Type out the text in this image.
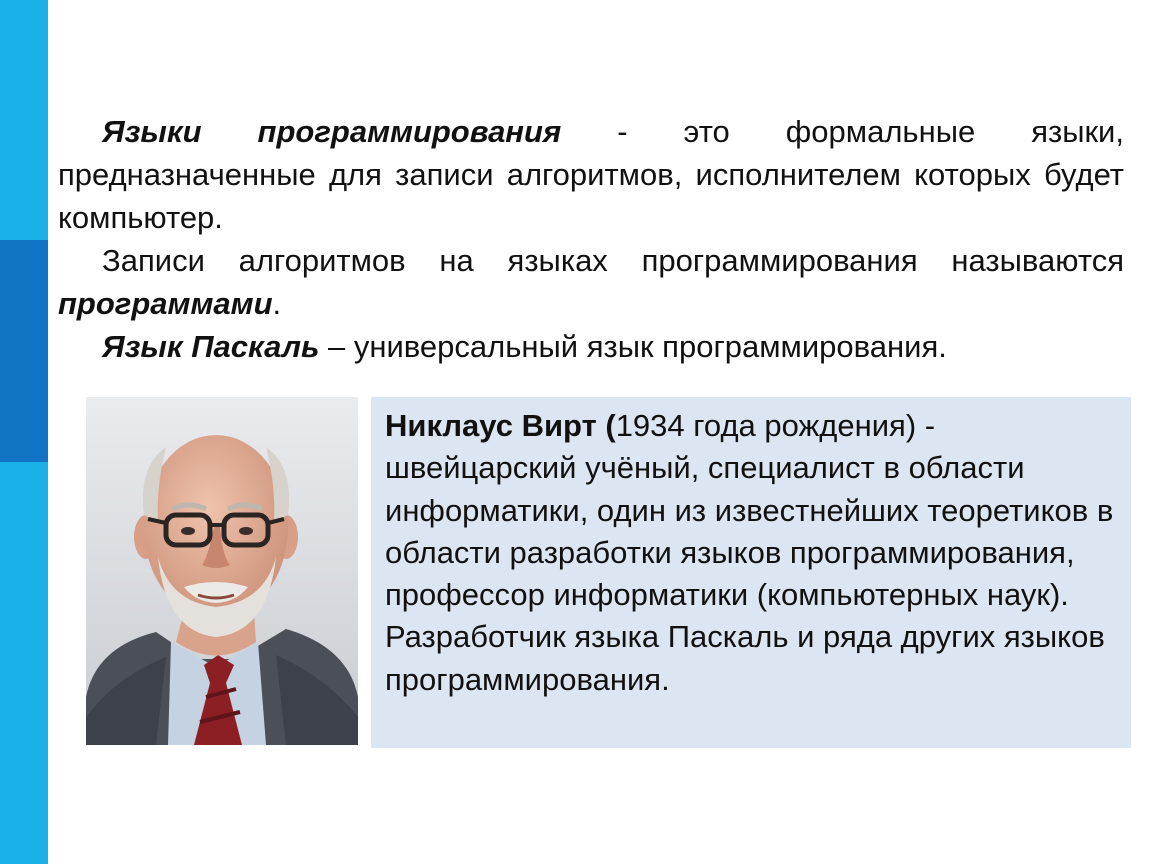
Языки программирования - это формальные языки, предназначенные для записи алгоритмов, исполнителем которых будет компьютер.

Записи алгоритмов на языках программирования называются программами.

Язык Паскаль – универсальный язык программирования.

Никлаус Вирт (1934 года рождения) - швейцарский учёный, специалист в области информатики, один из известнейших теоретиков в области разработки языков программирования, профессор информатики (компьютерных наук). Разработчик языка Паскаль и ряда других языков программирования.
